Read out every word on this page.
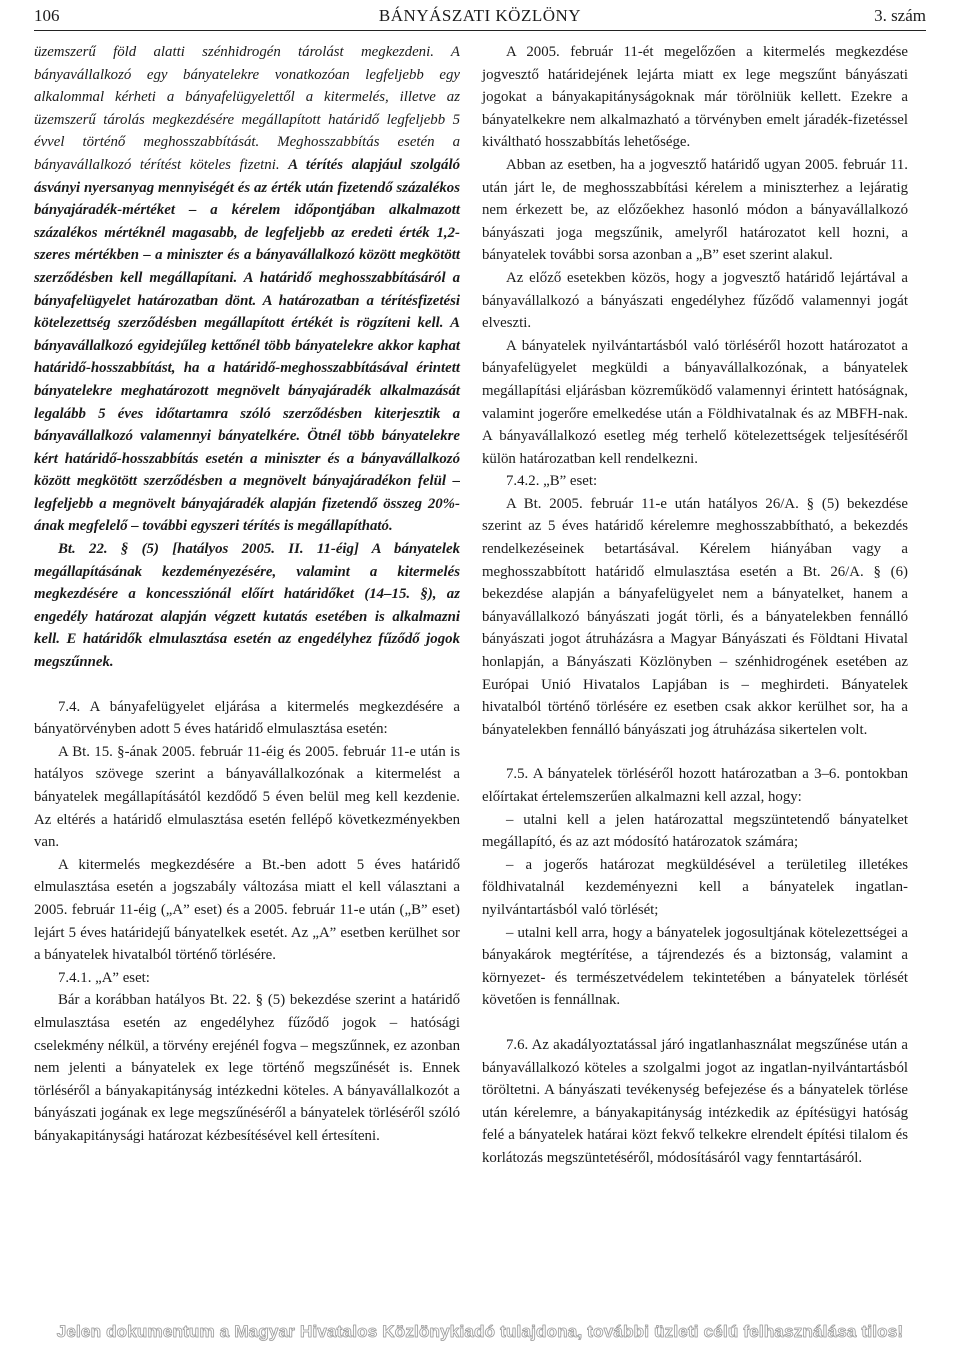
106	BÁNYÁSZATI KÖZLÖNY	3. szám

üzemszerű föld alatti szénhidrogén tárolást megkezdeni. A bányavállalkozó egy bányatelekre vonatkozóan legfeljebb egy alkalommal kérheti a bányafelügyelettől a kitermelés, illetve az üzemszerű tárolás megkezdésére megállapított határidő legfeljebb 5 évvel történő meghosszabbítását. Meghosszabbítás esetén a bányavállalkozó térítést köteles fizetni. A térítés alapjául szolgáló ásványi nyersanyag mennyiségét és az érték után fizetendő százalékos bányajáradék-mértéket – a kérelem időpontjában alkalmazott százalékos mértéknél magasabb, de legfeljebb az eredeti érték 1,2-szeres mértékben – a miniszter és a bányavállalkozó között megkötött szerződésben kell megállapítani. A határidő meghosszabbításáról a bányafelügyelet határozatban dönt. A határozatban a térítésfizetési kötelezettség szerződésben megállapított értékét is rögzíteni kell. A bányavállalkozó egyidejűleg kettőnél több bányatelekre akkor kaphat határidő-hosszabbítást, ha a határidő-meghosszabbításával érintett bányatelekre meghatározott megnövelt bányajáradék alkalmazását legalább 5 éves időtartamra szóló szerződésben kiterjesztik a bányavállalkozó valamennyi bányatelkére. Ötnél több bányatelekre kért határidő-hosszabbítás esetén a miniszter és a bányavállalkozó között megkötött szerződésben a megnövelt bányajáradékon felül – legfeljebb a megnövelt bányajáradék alapján fizetendő összeg 20%-ának megfelelő – további egyszeri térítés is megállapítható.

Bt. 22. § (5) [hatályos 2005. II. 11-éig] A bányatelek megállapításának kezdeményezésére, valamint a kitermelés megkezdésére a koncessziónál előírt határidőket (14–15. §), az engedély határozat alapján végzett kutatás esetében is alkalmazni kell. E határidők elmulasztása esetén az engedélyhez fűződő jogok megszűnnek.

7.4. A bányafelügyelet eljárása a kitermelés megkezdésére a bányatörvényben adott 5 éves határidő elmulasztása esetén:

A Bt. 15. §-ának 2005. február 11-éig és 2005. február 11-e után is hatályos szövege szerint a bányavállalkozónak a kitermelést a bányatelek megállapításától kezdődő 5 éven belül meg kell kezdenie. Az eltérés a határidő elmulasztása esetén fellépő következményekben van.

A kitermelés megkezdésére a Bt.-ben adott 5 éves határidő elmulasztása esetén a jogszabály változása miatt el kell választani a 2005. február 11-éig („A” eset) és a 2005. február 11-e után („B” eset) lejárt 5 éves határidejű bányatelkek esetét. Az „A” esetben kerülhet sor a bányatelek hivatalból történő törlésére.

7.4.1. „A” eset:

Bár a korábban hatályos Bt. 22. § (5) bekezdése szerint a határidő elmulasztása esetén az engedélyhez fűződő jogok – hatósági cselekmény nélkül, a törvény erejénél fogva – megszűnnek, ez azonban nem jelenti a bányatelek ex lege történő megszűnését is. Ennek törléséről a bányakapitányság intézkedni köteles. A bányavállalkozót a bányászati jogának ex lege megszűnéséről a bányatelek törléséről szóló bányakapitánysági határozat kézbesítésével kell értesíteni.

A 2005. február 11-ét megelőzően a kitermelés megkezdése jogvesztő határidejének lejárta miatt ex lege megszűnt bányászati jogokat a bányakapitányságoknak már törölniük kellett. Ezekre a bányatelkekre nem alkalmazható a törvényben emelt járadék-fizetéssel kiváltható hosszabbítás lehetősége.

Abban az esetben, ha a jogvesztő határidő ugyan 2005. február 11. után járt le, de meghosszabbítási kérelem a miniszterhez a lejáratig nem érkezett be, az előzőekhez hasonló módon a bányavállalkozó bányászati joga megszűnik, amelyről határozatot kell hozni, a bányatelek további sorsa azonban a „B” eset szerint alakul.

Az előző esetekben közös, hogy a jogvesztő határidő lejártával a bányavállalkozó a bányászati engedélyhez fűződő valamennyi jogát elveszti.

A bányatelek nyilvántartásból való törléséről hozott határozatot a bányafelügyelet megküldi a bányavállalkozónak, a bányatelek megállapítási eljárásban közreműködő valamennyi érintett hatóságnak, valamint jogerőre emelkedése után a Földhivatalnak és az MBFH-nak. A bányavállalkozó esetleg még terhelő kötelezettségek teljesítéséről külön határozatban kell rendelkezni.

7.4.2. „B” eset:

A Bt. 2005. február 11-e után hatályos 26/A. § (5) bekezdése szerint az 5 éves határidő kérelemre meghosszabbítható, a bekezdés rendelkezéseinek betartásával. Kérelem hiányában vagy a meghosszabbított határidő elmulasztása esetén a Bt. 26/A. § (6) bekezdése alapján a bányafelügyelet nem a bányatelket, hanem a bányavállalkozó bányászati jogát törli, és a bányatelekben fennálló bányászati jogot átruházásra a Magyar Bányászati és Földtani Hivatal honlapján, a Bányászati Közlönyben – szénhidrogének esetében az Európai Unió Hivatalos Lapjában is – meghirdeti. Bányatelek hivatalból történő törlésére ez esetben csak akkor kerülhet sor, ha a bányatelekben fennálló bányászati jog átruházása sikertelen volt.

7.5. A bányatelek törléséről hozott határozatban a 3–6. pontokban előírtakat értelemszerűen alkalmazni kell azzal, hogy:

– utalni kell a jelen határozattal megszüntetendő bányatelket megállapító, és az azt módosító határozatok számára;

– a jogerős határozat megküldésével a területileg illetékes földhivatalnál kezdeményezni kell a bányatelek ingatlan-nyilvántartásból való törlését;

– utalni kell arra, hogy a bányatelek jogosultjának kötelezettségei a bányakárok megtérítése, a tájrendezés és a biztonság, valamint a környezet- és természetvédelem tekintetében a bányatelek törlését követően is fennállnak.

7.6. Az akadályoztatással járó ingatlanhasználat megszűnése után a bányavállalkozó köteles a szolgalmi jogot az ingatlan-nyilvántartásból töröltetni. A bányászati tevékenység befejezése és a bányatelek törlése után kérelemre, a bányakapitányság intézkedik az építésügyi hatóság felé a bányatelek határai közt fekvő telkekre elrendelt építési tilalom és korlátozás megszüntetéséről, módosításáról vagy fenntartásáról.

Jelen dokumentum a Magyar Hivatalos Közlönykiadó tulajdona, további üzleti célú felhasználása tilos!
